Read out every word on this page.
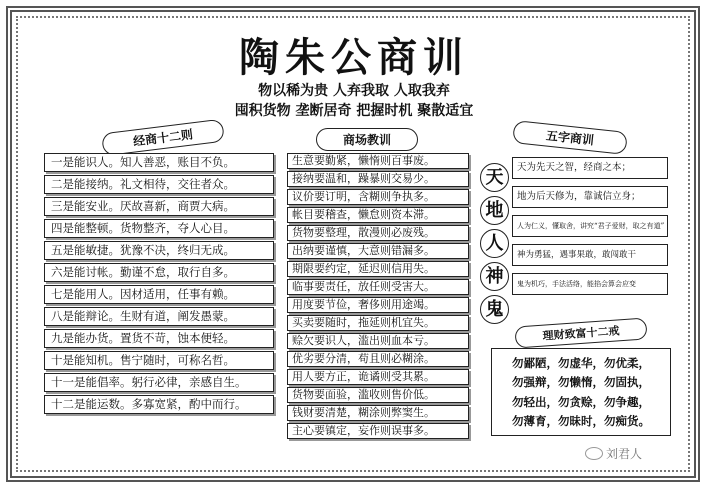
陶朱公商训
物以稀为贵 人弃我取 人取我弃
囤积货物 垄断居奇 把握时机 聚散适宜
经商十二则	商场教训	五字商训
理财致富十二戒
一是能识人。知人善恶，账目不负。
二是能接纳。礼文相待，交往者众。
三是能安业。厌故喜新，商贾大病。
四是能整顿。货物整齐，夺人心目。
五是能敏捷。犹豫不决，终归无成。
六是能讨帐。勤谨不怠，取行自多。
七是能用人。因材适用，任事有赖。
八是能辩论。生财有道，阐发愚蒙。
九是能办货。置货不苛，蚀本便轻。
十是能知机。售宁随时，可称名哲。
十一是能倡率。躬行必律，亲感自生。
十二是能运数。多寡宽紧，酌中而行。
生意要勤紧，懒惰则百事废。
接纳要温和，躁暴则交易少。
议价要订明，含糊则争执多。
帐目要稽查，懒怠则资本滞。
货物要整理，散漫则必废残。
出纳要谨慎，大意则错漏多。
期限要约定，延迟则信用失。
临事要责任，放任则受害大。
用度要节俭，奢侈则用途竭。
买卖要随时，拖延则机宜失。
赊欠要识人，滥出则血本亏。
优劣要分清，苟且则必糊涂。
用人要方正，诡谲则受其累。
货物要面验，滥收则售价低。
钱财要清楚，糊涂则弊窦生。
主心要镇定，妄作则误事多。
天
地
人
神
鬼
天为先天之智，经商之本；
地为后天修为，靠诚信立身；
人为仁义，懂取舍，讲究“君子爱财，取之有道”
神为勇猛，遇事果敢，敢闯敢干
鬼为机巧，手法活络，能掐会算会应变
勿鄙陋，勿虚华，勿优柔，
勿强辩，勿懒惰，勿固执，
勿轻出，勿贪赊，勿争趣，
勿薄育，勿昧时，勿痴货。
刘君人
